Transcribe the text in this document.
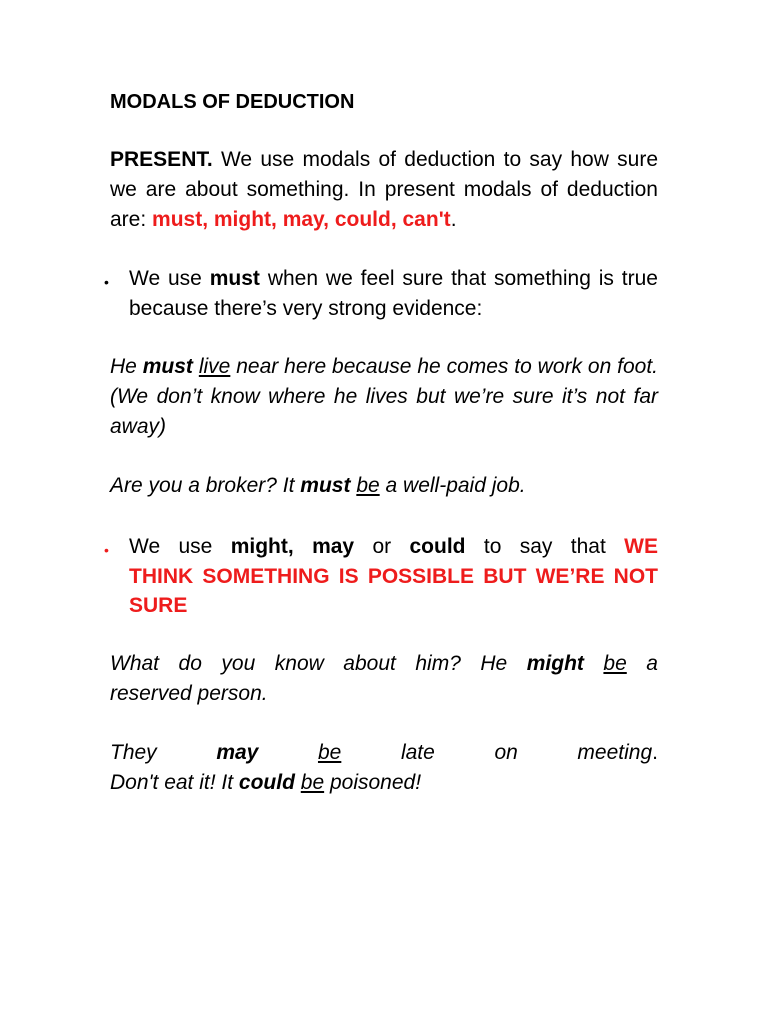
MODALS OF DEDUCTION
PRESENT. We use modals of deduction to say how sure we are about something. In present modals of deduction are: must, might, may, could, can't.
• We use must when we feel sure that something is true because there’s very strong evidence:
He must live near here because he comes to work on foot. (We don’t know where he lives but we’re sure it’s not far away)
Are you a broker? It must be a well-paid job.
• We use might, may or could to say that WE
THINK SOMETHING IS POSSIBLE BUT WE’RE NOT
SURE
What do you know about him? He might be a
reserved person.
They	may	be	late	on	meeting.
Don't eat it! It could be poisoned!
